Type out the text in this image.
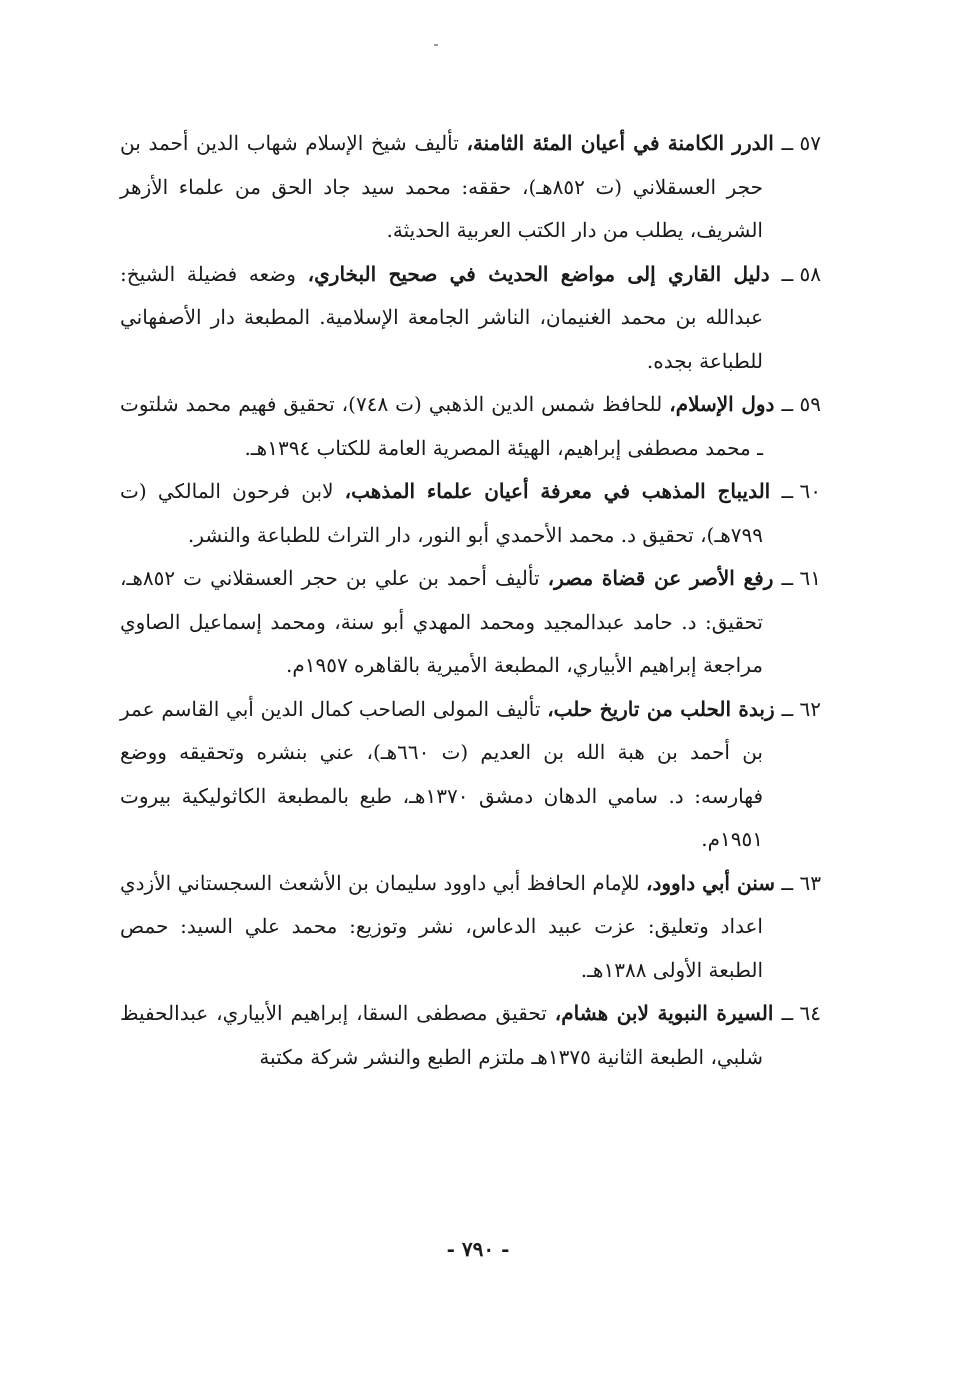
٥٧ ــ الدرر الكامنة في أعيان المئة الثامنة، تأليف شيخ الإسلام شهاب الدين أحمد بن حجر العسقلاني (ت ٨٥٢هـ)، حققه: محمد سيد جاد الحق من علماء الأزهر الشريف، يطلب من دار الكتب العربية الحديثة.

٥٨ ــ دليل القاري إلى مواضع الحديث في صحيح البخاري، وضعه فضيلة الشيخ: عبدالله بن محمد الغنيمان، الناشر الجامعة الإسلامية. المطبعة دار الأصفهاني للطباعة بجده.

٥٩ ــ دول الإسلام، للحافظ شمس الدين الذهبي (ت ٧٤٨)، تحقيق فهيم محمد شلتوت ـ محمد مصطفى إبراهيم، الهيئة المصرية العامة للكتاب ١٣٩٤هـ.

٦٠ ــ الديباج المذهب في معرفة أعيان علماء المذهب، لابن فرحون المالكي (ت ٧٩٩هـ)، تحقيق د. محمد الأحمدي أبو النور، دار التراث للطباعة والنشر.

٦١ ــ رفع الأصر عن قضاة مصر، تأليف أحمد بن علي بن حجر العسقلاني ت ٨٥٢هـ، تحقيق: د. حامد عبدالمجيد ومحمد المهدي أبو سنة، ومحمد إسماعيل الصاوي مراجعة إبراهيم الأبياري، المطبعة الأميرية بالقاهره ١٩٥٧م.

٦٢ ــ زبدة الحلب من تاريخ حلب، تأليف المولى الصاحب كمال الدين أبي القاسم عمر بن أحمد بن هبة الله بن العديم (ت ٦٦٠هـ)، عني بنشره وتحقيقه ووضع فهارسه: د. سامي الدهان دمشق ١٣٧٠هـ، طبع بالمطبعة الكاثوليكية بيروت ١٩٥١م.

٦٣ ــ سنن أبي داوود، للإمام الحافظ أبي داوود سليمان بن الأشعث السجستاني الأزدي اعداد وتعليق: عزت عبيد الدعاس، نشر وتوزيع: محمد علي السيد: حمص الطبعة الأولى ١٣٨٨هـ.

٦٤ ــ السيرة النبوية لابن هشام، تحقيق مصطفى السقا، إبراهيم الأبياري، عبدالحفيظ شلبي، الطبعة الثانية ١٣٧٥هـ ملتزم الطبع والنشر شركة مكتبة

- ٧٩٠ -
